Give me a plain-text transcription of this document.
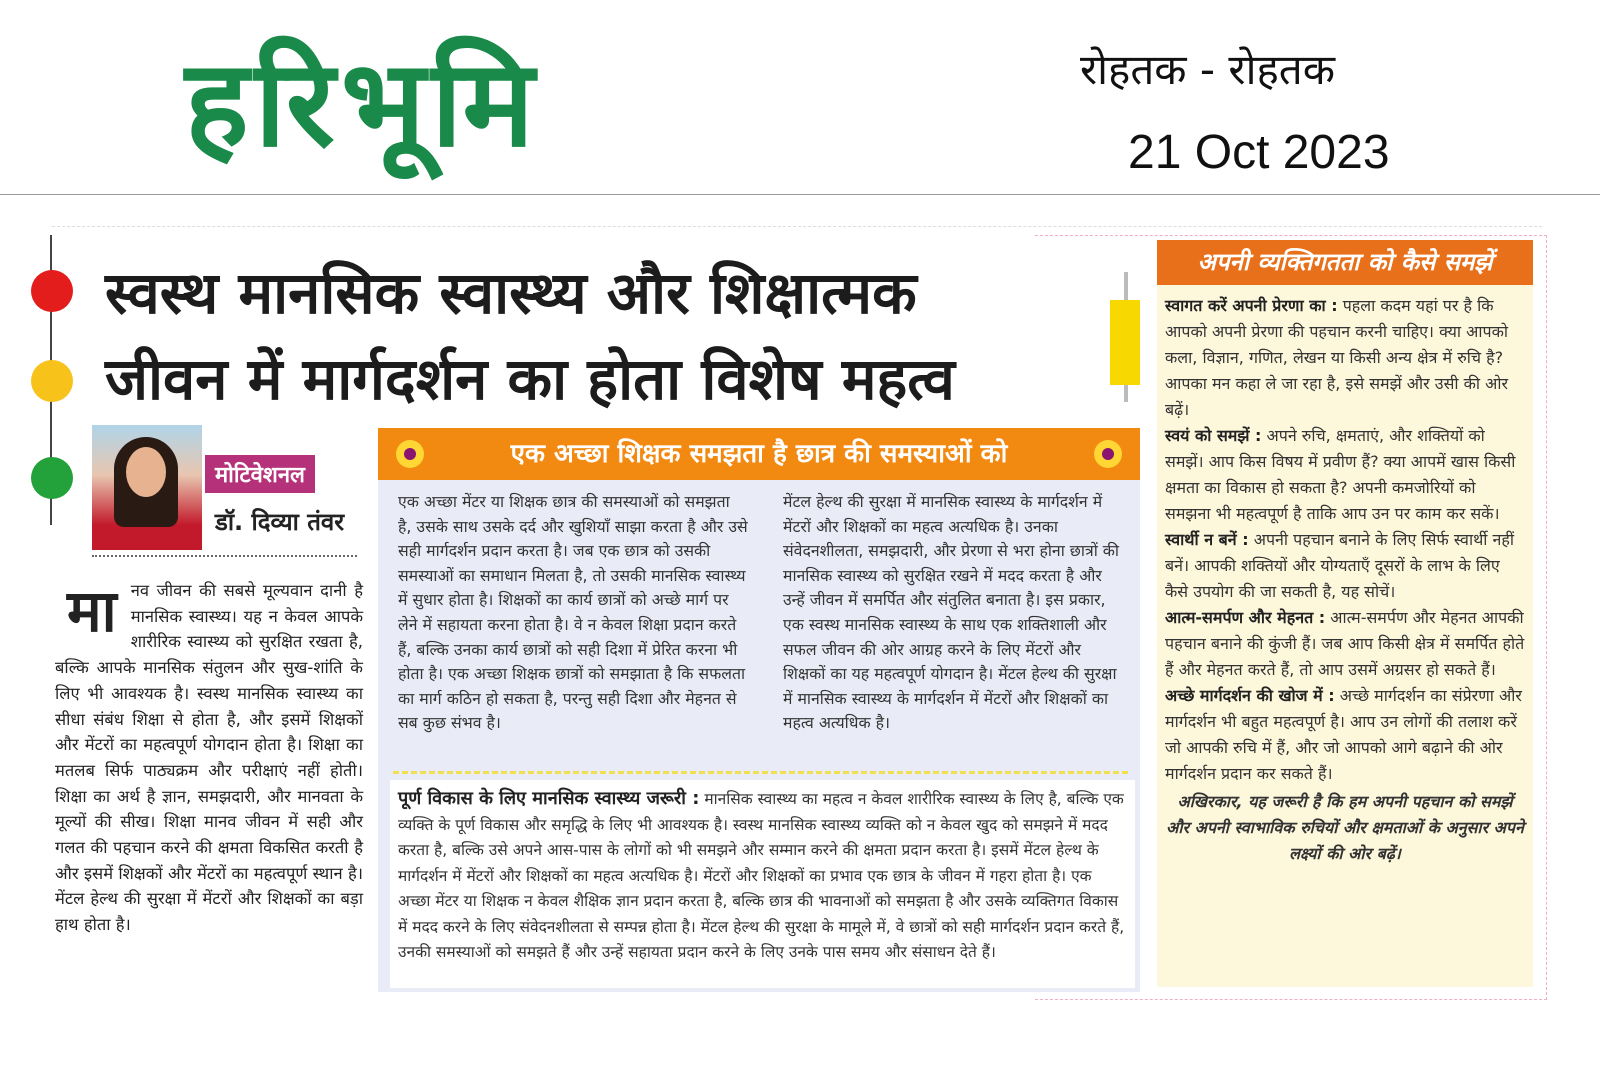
हरिभूमि	रोहतक - रोहतक
21 Oct 2023
स्वस्थ मानसिक स्वास्थ्य और शिक्षात्मक
जीवन में मार्गदर्शन का होता विशेष महत्व
मोटिवेशनल
डॉ. दिव्या तंवर
मा नव जीवन की सबसे मूल्यवान दानी है मानसिक स्वास्थ्य। यह न केवल आपके शारीरिक स्वास्थ्य को सुरक्षित रखता है, बल्कि आपके मानसिक संतुलन और सुख-शांति के लिए भी आवश्यक है। स्वस्थ मानसिक स्वास्थ्य का सीधा संबंध शिक्षा से होता है, और इसमें शिक्षकों और मेंटरों का महत्वपूर्ण योगदान होता है। शिक्षा का मतलब सिर्फ पाठ्यक्रम और परीक्षाएं नहीं होती। शिक्षा का अर्थ है ज्ञान, समझदारी, और मानवता के मूल्यों की सीख। शिक्षा मानव जीवन में सही और गलत की पहचान करने की क्षमता विकसित करती है और इसमें शिक्षकों और मेंटरों का महत्वपूर्ण स्थान है। मेंटल हेल्थ की सुरक्षा में मेंटरों और शिक्षकों का बड़ा हाथ होता है।
एक अच्छा शिक्षक समझता है छात्र की समस्याओं को
एक अच्छा मेंटर या शिक्षक छात्र की समस्याओं को समझता है, उसके साथ उसके दर्द और खुशियाँ साझा करता है और उसे सही मार्गदर्शन प्रदान करता है। जब एक छात्र को उसकी समस्याओं का समाधान मिलता है, तो उसकी मानसिक स्वास्थ्य में सुधार होता है। शिक्षकों का कार्य छात्रों को अच्छे मार्ग पर लेने में सहायता करना होता है। वे न केवल शिक्षा प्रदान करते हैं, बल्कि उनका कार्य छात्रों को सही दिशा में प्रेरित करना भी होता है। एक अच्छा शिक्षक छात्रों को समझाता है कि सफलता का मार्ग कठिन हो सकता है, परन्तु सही दिशा और मेहनत से सब कुछ संभव है।
मेंटल हेल्थ की सुरक्षा में मानसिक स्वास्थ्य के मार्गदर्शन में मेंटरों और शिक्षकों का महत्व अत्यधिक है। उनका संवेदनशीलता, समझदारी, और प्रेरणा से भरा होना छात्रों की मानसिक स्वास्थ्य को सुरक्षित रखने में मदद करता है और उन्हें जीवन में समर्पित और संतुलित बनाता है। इस प्रकार, एक स्वस्थ मानसिक स्वास्थ्य के साथ एक शक्तिशाली और सफल जीवन की ओर आग्रह करने के लिए मेंटरों और शिक्षकों का यह महत्वपूर्ण योगदान है। मेंटल हेल्थ की सुरक्षा में मानसिक स्वास्थ्य के मार्गदर्शन में मेंटरों और शिक्षकों का महत्व अत्यधिक है।
पूर्ण विकास के लिए मानसिक स्वास्थ्य जरूरी : मानसिक स्वास्थ्य का महत्व न केवल शारीरिक स्वास्थ्य के लिए है, बल्कि एक व्यक्ति के पूर्ण विकास और समृद्धि के लिए भी आवश्यक है। स्वस्थ मानसिक स्वास्थ्य व्यक्ति को न केवल खुद को समझने में मदद करता है, बल्कि उसे अपने आस-पास के लोगों को भी समझने और सम्मान करने की क्षमता प्रदान करता है। इसमें मेंटल हेल्थ के मार्गदर्शन में मेंटरों और शिक्षकों का महत्व अत्यधिक है। मेंटरों और शिक्षकों का प्रभाव एक छात्र के जीवन में गहरा होता है। एक अच्छा मेंटर या शिक्षक न केवल शैक्षिक ज्ञान प्रदान करता है, बल्कि छात्र की भावनाओं को समझता है और उसके व्यक्तिगत विकास में मदद करने के लिए संवेदनशीलता से सम्पन्न होता है। मेंटल हेल्थ की सुरक्षा के मामूले में, वे छात्रों को सही मार्गदर्शन प्रदान करते हैं, उनकी समस्याओं को समझते हैं और उन्हें सहायता प्रदान करने के लिए उनके पास समय और संसाधन देते हैं।
अपनी व्यक्तिगतता को कैसे समझें

स्वागत करें अपनी प्रेरणा का : पहला कदम यहां पर है कि आपको अपनी प्रेरणा की पहचान करनी चाहिए। क्या आपको कला, विज्ञान, गणित, लेखन या किसी अन्य क्षेत्र में रुचि है? आपका मन कहा ले जा रहा है, इसे समझें और उसी की ओर बढ़ें।

स्वयं को समझें : अपने रुचि, क्षमताएं, और शक्तियों को समझें। आप किस विषय में प्रवीण हैं? क्या आपमें खास किसी क्षमता का विकास हो सकता है? अपनी कमजोरियों को समझना भी महत्वपूर्ण है ताकि आप उन पर काम कर सकें।

स्वार्थी न बनें : अपनी पहचान बनाने के लिए सिर्फ स्वार्थी नहीं बनें। आपकी शक्तियों और योग्यताएँ दूसरों के लाभ के लिए कैसे उपयोग की जा सकती है, यह सोचें।

आत्म-समर्पण और मेहनत : आत्म-समर्पण और मेहनत आपकी पहचान बनाने की कुंजी हैं। जब आप किसी क्षेत्र में समर्पित होते हैं और मेहनत करते हैं, तो आप उसमें अग्रसर हो सकते हैं।

अच्छे मार्गदर्शन की खोज में : अच्छे मार्गदर्शन का संप्रेरणा और मार्गदर्शन भी बहुत महत्वपूर्ण है। आप उन लोगों की तलाश करें जो आपकी रुचि में हैं, और जो आपको आगे बढ़ाने की ओर मार्गदर्शन प्रदान कर सकते हैं।

अखिरकार, यह जरूरी है कि हम अपनी पहचान को समझें और अपनी स्वाभाविक रुचियों और क्षमताओं के अनुसार अपने लक्ष्यों की ओर बढ़ें।
